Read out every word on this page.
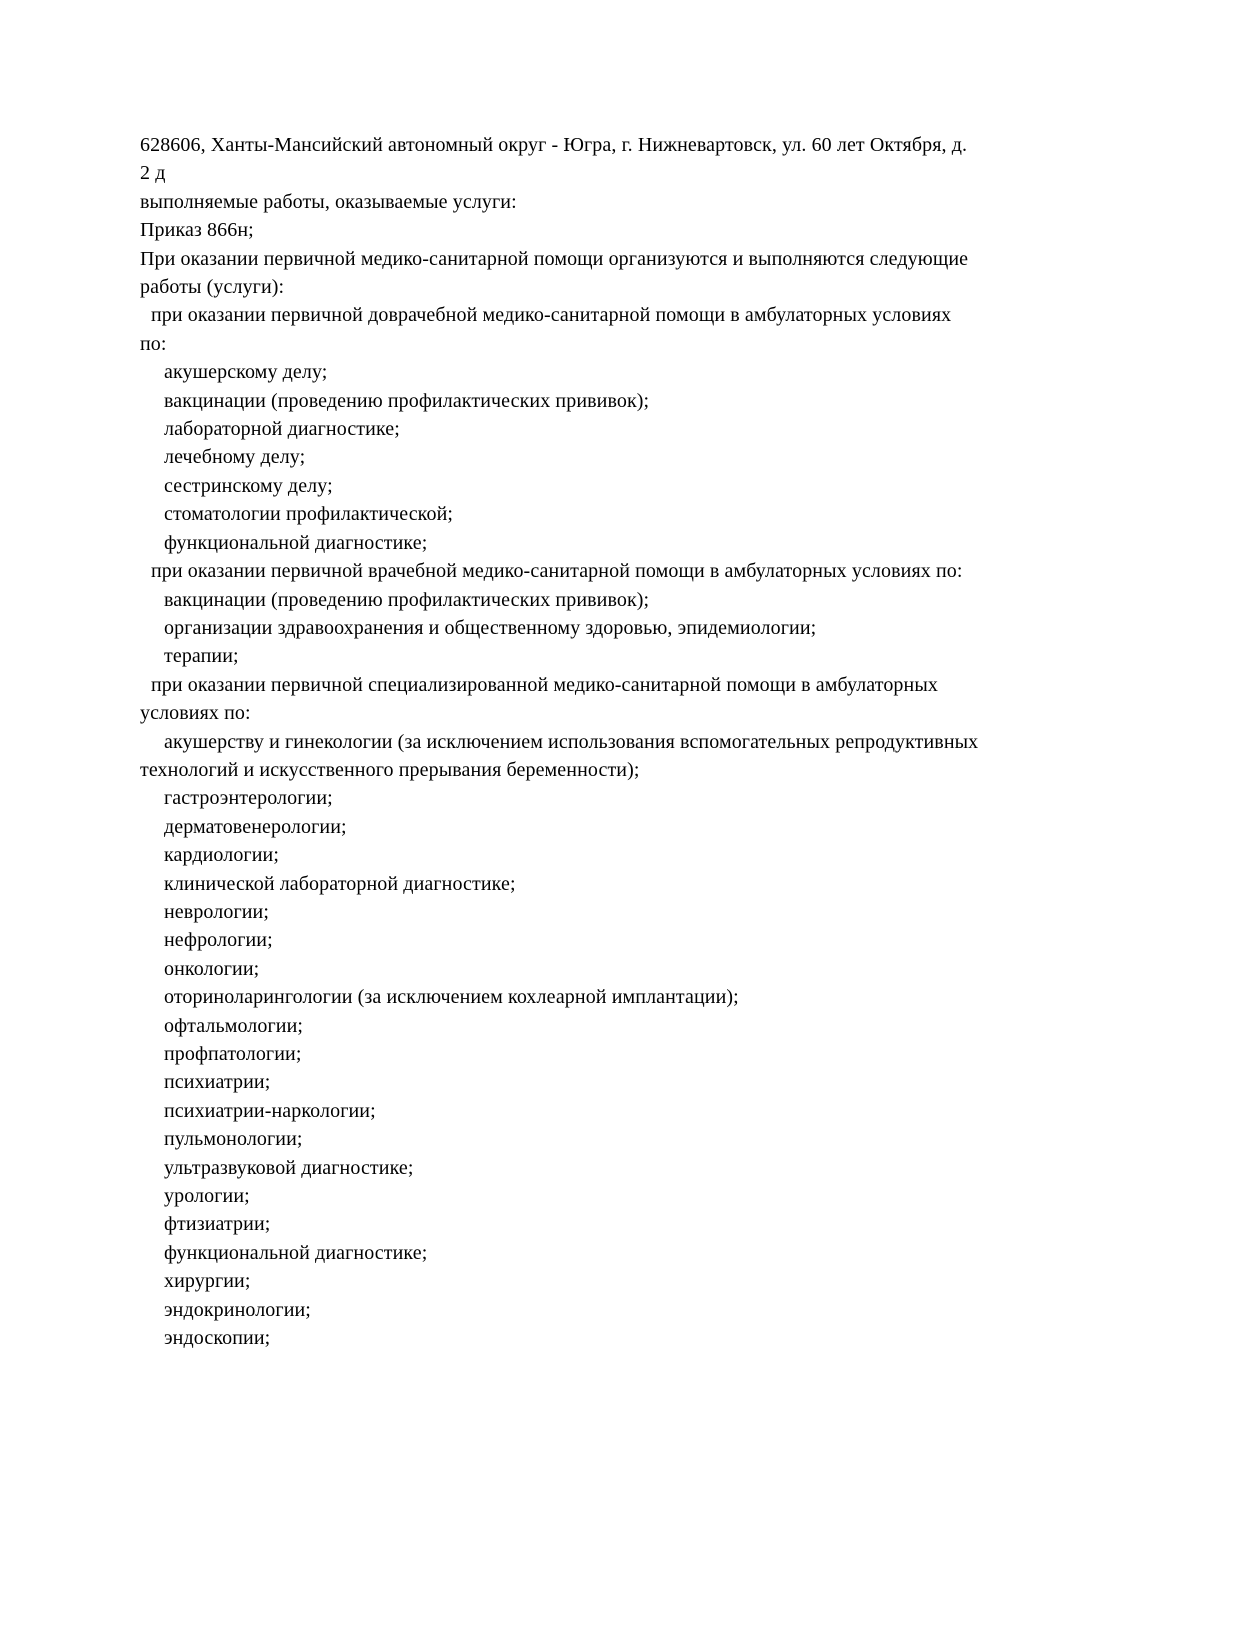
628606, Ханты-Мансийский автономный округ - Югра, г. Нижневартовск, ул. 60 лет Октября, д.
2 д
выполняемые работы, оказываемые услуги:
Приказ 866н;
При оказании первичной медико-санитарной помощи организуются и выполняются следующие
работы (услуги):
при оказании первичной доврачебной медико-санитарной помощи в амбулаторных условиях
по:
акушерскому делу;
вакцинации (проведению профилактических прививок);
лабораторной диагностике;
лечебному делу;
сестринскому делу;
стоматологии профилактической;
функциональной диагностике;
при оказании первичной врачебной медико-санитарной помощи в амбулаторных условиях по:
вакцинации (проведению профилактических прививок);
организации здравоохранения и общественному здоровью, эпидемиологии;
терапии;
при оказании первичной специализированной медико-санитарной помощи в амбулаторных
условиях по:
акушерству и гинекологии (за исключением использования вспомогательных репродуктивных
технологий и искусственного прерывания беременности);
гастроэнтерологии;
дерматовенерологии;
кардиологии;
клинической лабораторной диагностике;
неврологии;
нефрологии;
онкологии;
оториноларингологии (за исключением кохлеарной имплантации);
офтальмологии;
профпатологии;
психиатрии;
психиатрии-наркологии;
пульмонологии;
ультразвуковой диагностике;
урологии;
фтизиатрии;
функциональной диагностике;
хирургии;
эндокринологии;
эндоскопии;
